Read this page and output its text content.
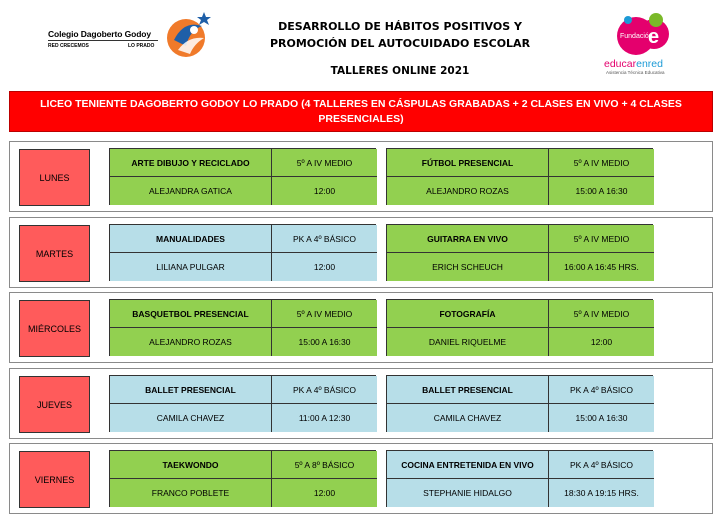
Colegio Dagoberto Godoy
RED CRECEMOS	LO PRADO
DESARROLLO DE HÁBITOS POSITIVOS Y
PROMOCIÓN DEL AUTOCUIDADO ESCOLAR
TALLERES ONLINE 2021
Fundación
e
educarenred
Asistencia Técnica Educativa
LICEO TENIENTE DAGOBERTO GODOY LO PRADO (4 TALLERES EN CÁSPULAS GRABADAS + 2 CLASES EN VIVO + 4 CLASES PRESENCIALES)
LUNES
ARTE DIBUJO Y RECICLADO	5º A IV MEDIO
ALEJANDRA GATICA	12:00
FÚTBOL PRESENCIAL	5º A IV MEDIO
ALEJANDRO ROZAS	15:00 A 16:30
MARTES
MANUALIDADES	PK A 4º BÁSICO
LILIANA PULGAR	12:00
GUITARRA EN VIVO	5º A IV MEDIO
ERICH SCHEUCH	16:00 A 16:45 HRS.
MIÉRCOLES
BASQUETBOL PRESENCIAL	5º A IV MEDIO
ALEJANDRO ROZAS	15:00 A 16:30
FOTOGRAFÍA	5º A IV MEDIO
DANIEL RIQUELME	12:00
JUEVES
BALLET PRESENCIAL	PK A 4º BÁSICO
CAMILA CHAVEZ	11:00 A 12:30
BALLET PRESENCIAL	PK A 4º BÁSICO
CAMILA CHAVEZ	15:00 A 16:30
VIERNES
TAEKWONDO	5º A 8º BÁSICO
FRANCO POBLETE	12:00
COCINA ENTRETENIDA EN VIVO	PK A 4º BÁSICO
STEPHANIE HIDALGO	18:30 A 19:15 HRS.
